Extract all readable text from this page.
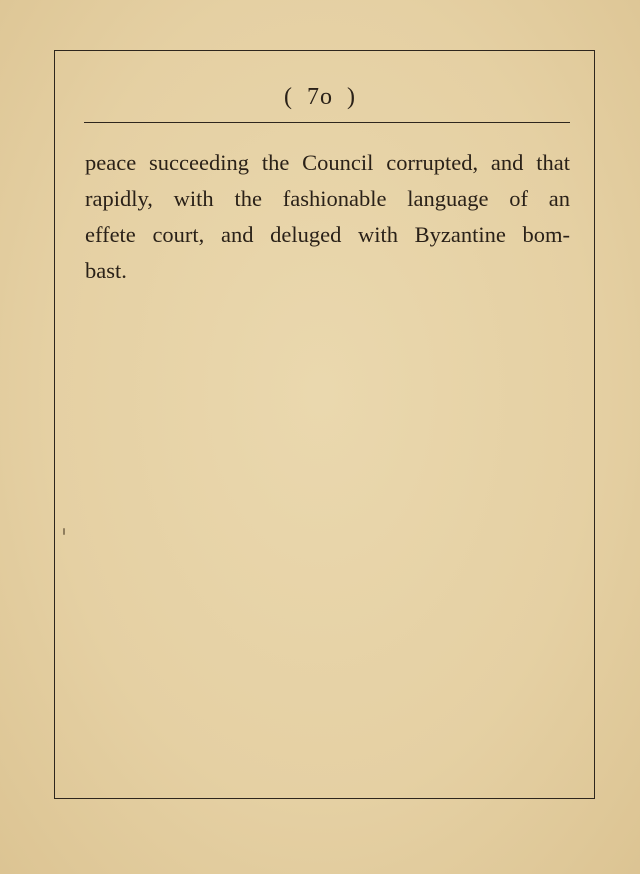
( 7o )
peace succeeding the Council corrupted, and that
rapidly, with the fashionable language of an
effete court, and deluged with Byzantine bom-
bast.
